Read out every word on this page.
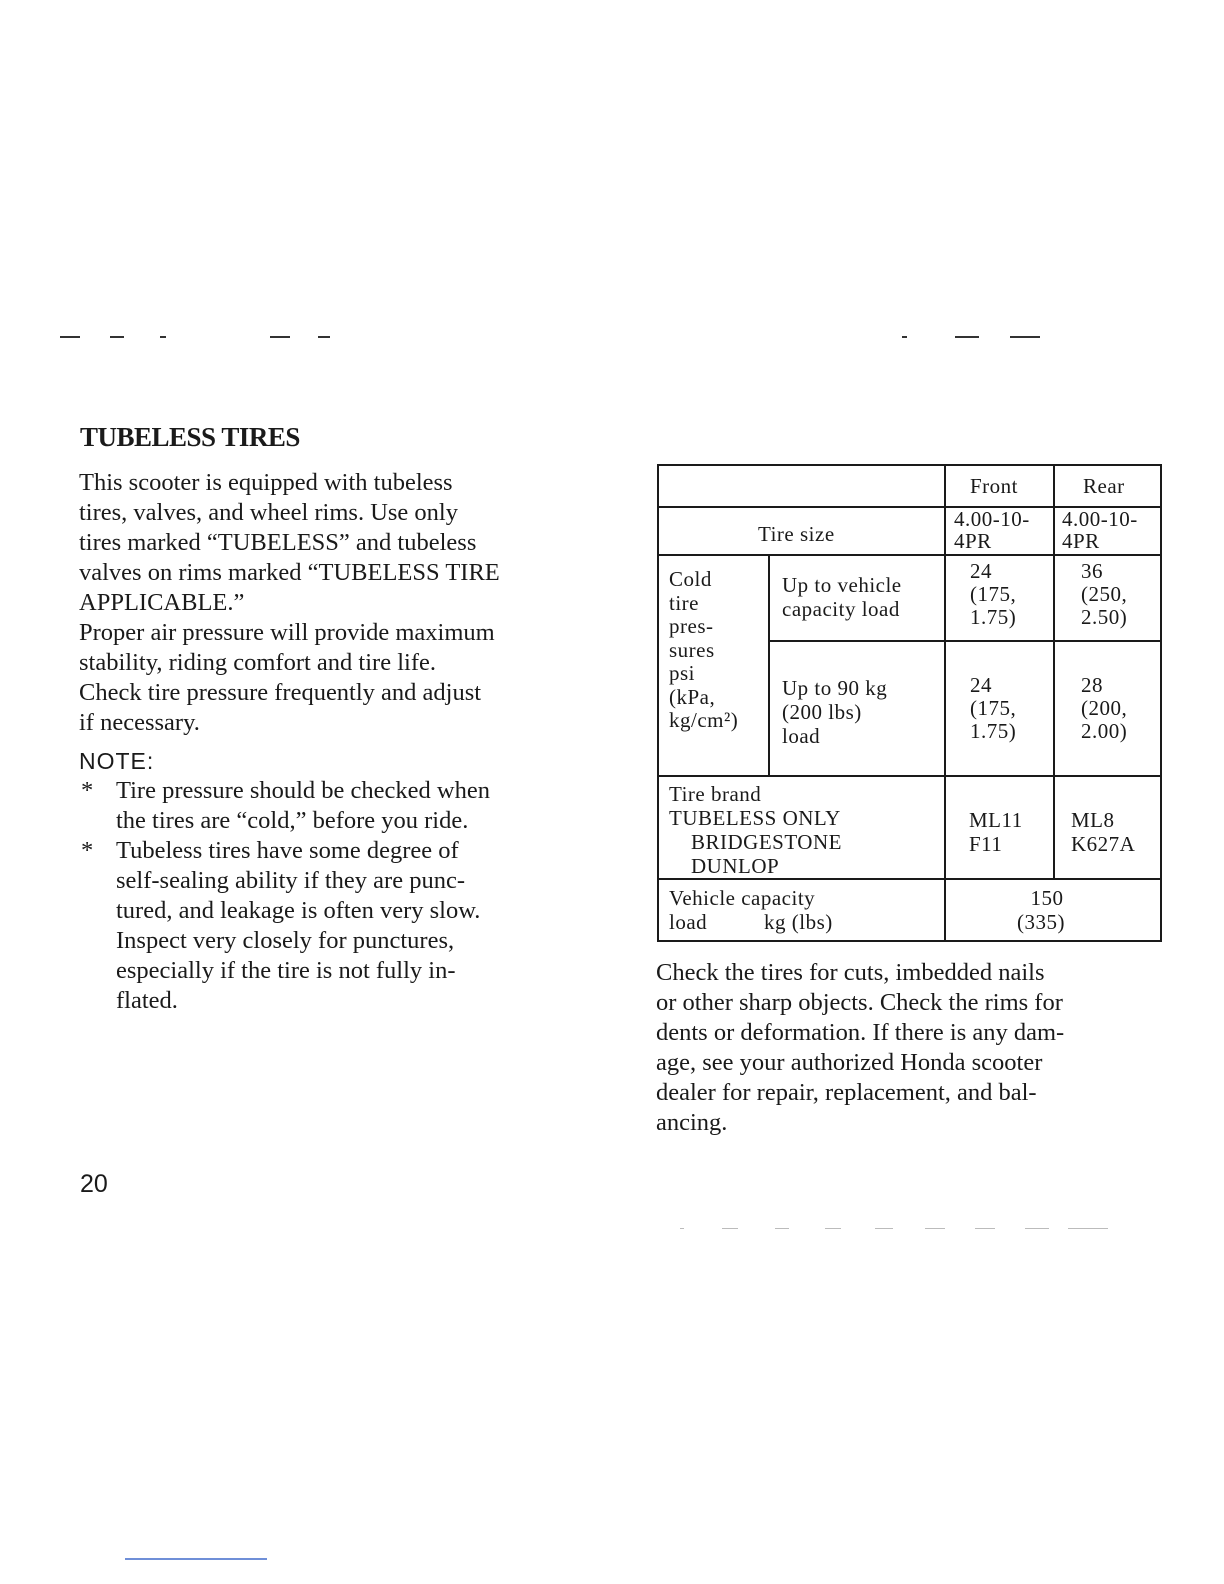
TUBELESS TIRES

This scooter is equipped with tubeless
tires, valves, and wheel rims. Use only
tires marked “TUBELESS” and tubeless
valves on rims marked “TUBELESS TIRE
APPLICABLE.”

Proper air pressure will provide maximum
stability, riding comfort and tire life.
Check tire pressure frequently and adjust
if necessary.

NOTE:
* Tire pressure should be checked when
the tires are “cold,” before you ride.
* Tubeless tires have some degree of
self-sealing ability if they are punc-
tured, and leakage is often very slow.
Inspect very closely for punctures,
especially if the tire is not fully in-
flated.
20
Front	Rear
Tire size
4.00-10-
4PR
4.00-10-
4PR
Cold
tire
pres-
sures
psi
(kPa,
kg/cm²)
Up to vehicle
capacity load
24
(175,
1.75)
36
(250,
2.50)
Up to 90 kg
(200 lbs)
load
24
(175,
1.75)
28
(200,
2.00)
Tire brand
TUBELESS ONLY
BRIDGESTONE
DUNLOP
ML11
F11
ML8
K627A
Vehicle capacity
load	kg (lbs)
150
(335)
Check the tires for cuts, imbedded nails
or other sharp objects. Check the rims for
dents or deformation. If there is any dam-
age, see your authorized Honda scooter
dealer for repair, replacement, and bal-
ancing.
